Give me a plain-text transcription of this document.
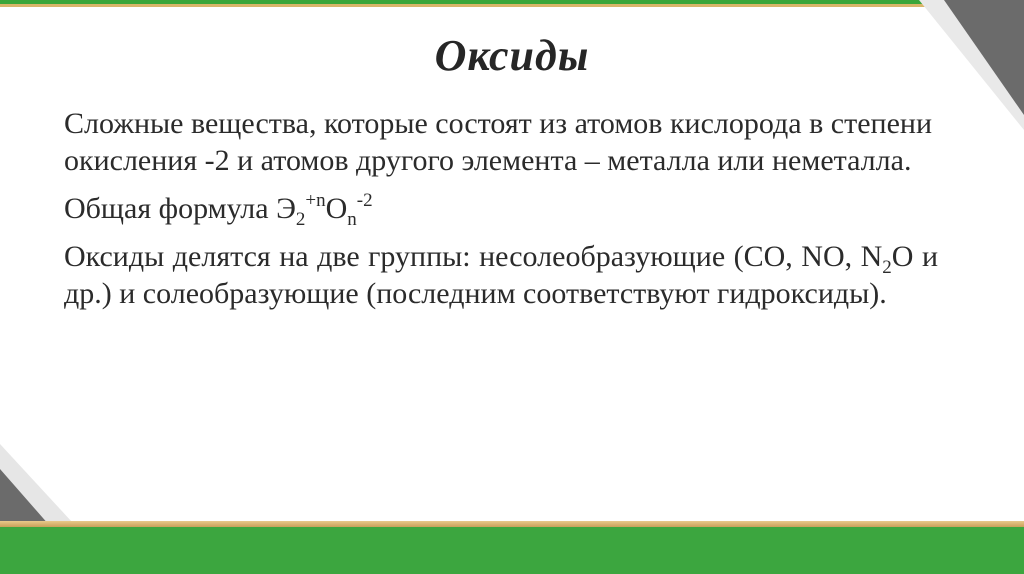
Оксиды

Сложные вещества, которые состоят из атомов кислорода в степени окисления -2 и атомов другого элемента – металла или неметалла.

Общая формула $Э_2^{+n}O_n^{-2}$

Оксиды делятся на две группы: несолеобразующие (CO, NO, $N_2O$ и др.) и солеобразующие (последним соответствуют гидроксиды).
